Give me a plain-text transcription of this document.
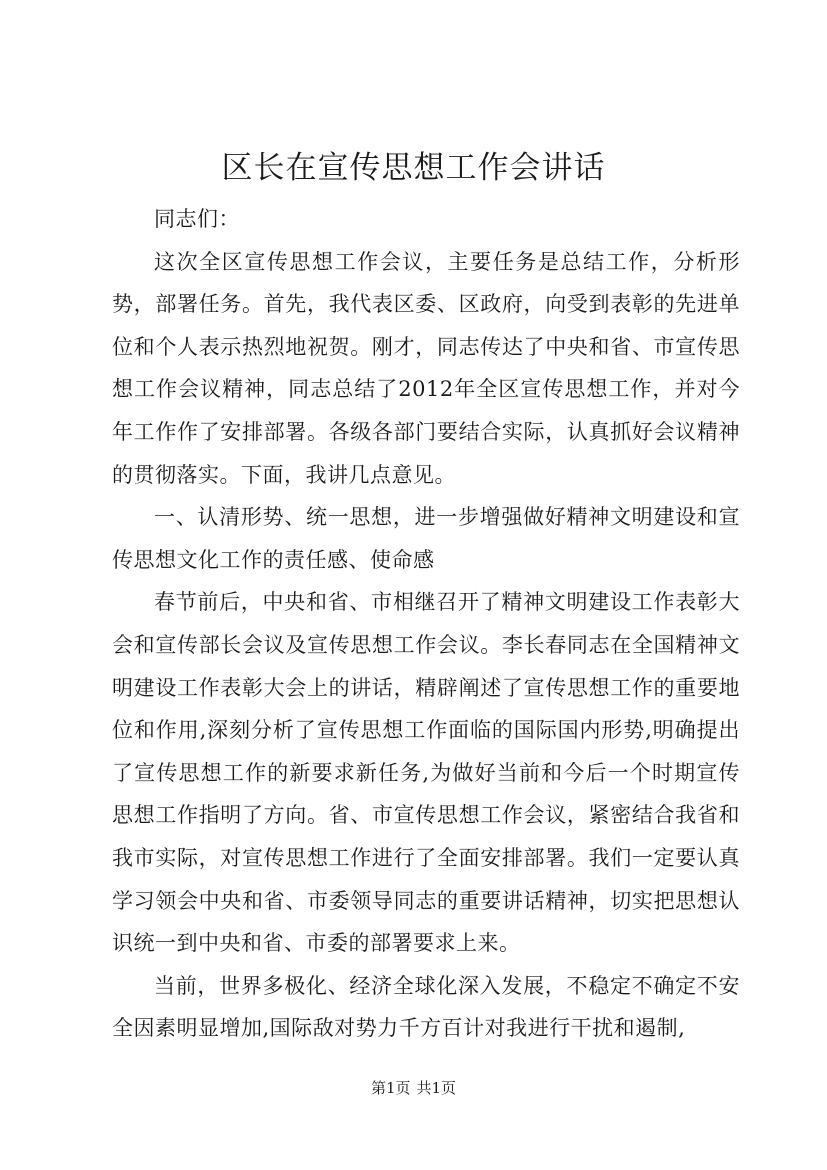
区长在宣传思想工作会讲话

同志们：

这次全区宣传思想工作会议，主要任务是总结工作，分析形势，部署任务。首先，我代表区委、区政府，向受到表彰的先进单位和个人表示热烈地祝贺。刚才，同志传达了中央和省、市宣传思想工作会议精神，同志总结了2012年全区宣传思想工作，并对今年工作作了安排部署。各级各部门要结合实际，认真抓好会议精神的贯彻落实。下面，我讲几点意见。

一、认清形势、统一思想，进一步增强做好精神文明建设和宣传思想文化工作的责任感、使命感

春节前后，中央和省、市相继召开了精神文明建设工作表彰大会和宣传部长会议及宣传思想工作会议。李长春同志在全国精神文明建设工作表彰大会上的讲话，精辟阐述了宣传思想工作的重要地位和作用,深刻分析了宣传思想工作面临的国际国内形势,明确提出了宣传思想工作的新要求新任务,为做好当前和今后一个时期宣传思想工作指明了方向。省、市宣传思想工作会议，紧密结合我省和我市实际，对宣传思想工作进行了全面安排部署。我们一定要认真学习领会中央和省、市委领导同志的重要讲话精神，切实把思想认识统一到中央和省、市委的部署要求上来。

当前，世界多极化、经济全球化深入发展，不稳定不确定不安全因素明显增加,国际敌对势力千方百计对我进行干扰和遏制,

第1页 共1页
